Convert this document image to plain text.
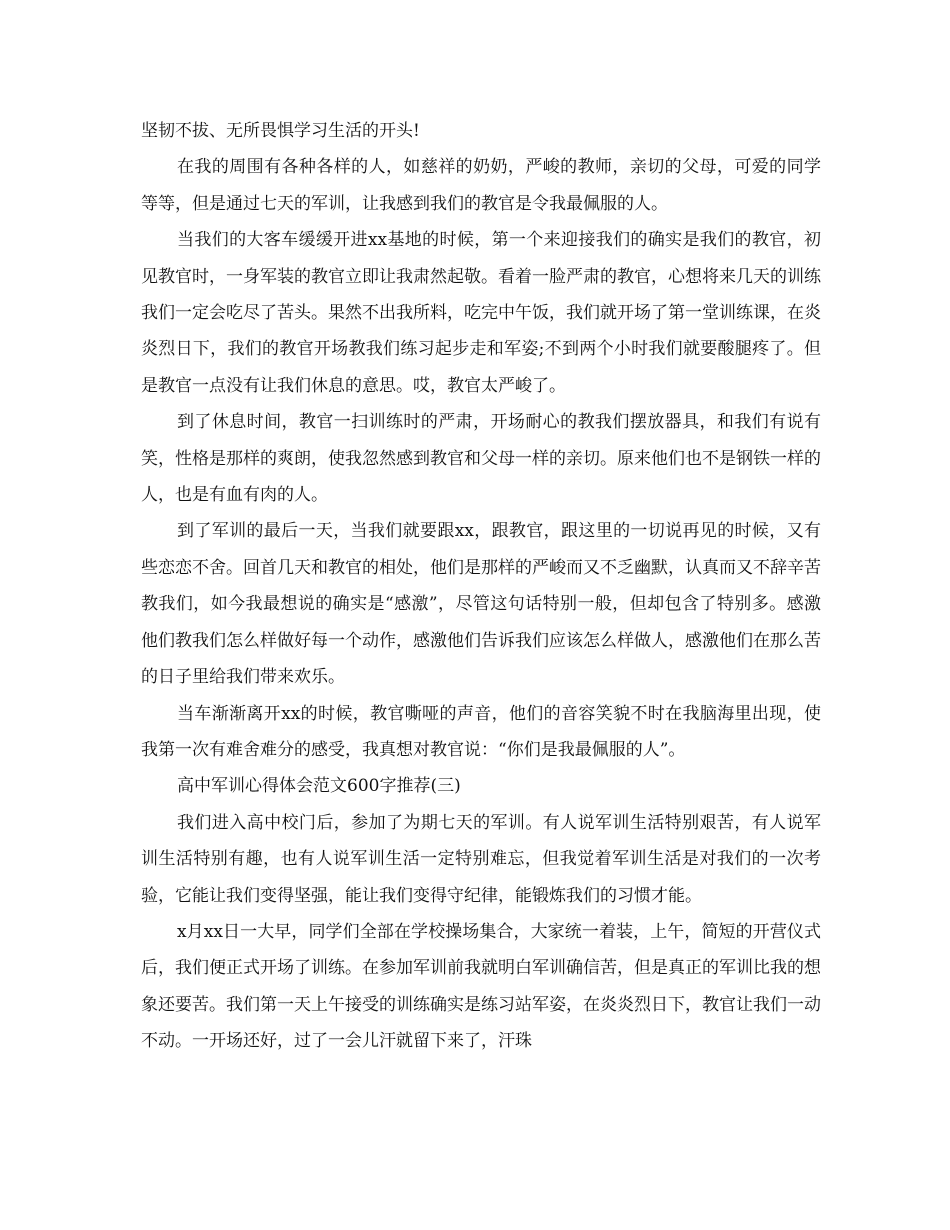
坚韧不拔、无所畏惧学习生活的开头!

在我的周围有各种各样的人，如慈祥的奶奶，严峻的教师，亲切的父母，可爱的同学等等，但是通过七天的军训，让我感到我们的教官是令我最佩服的人。

当我们的大客车缓缓开进xx基地的时候，第一个来迎接我们的确实是我们的教官，初见教官时，一身军装的教官立即让我肃然起敬。看着一脸严肃的教官，心想将来几天的训练我们一定会吃尽了苦头。果然不出我所料，吃完中午饭，我们就开场了第一堂训练课，在炎炎烈日下，我们的教官开场教我们练习起步走和军姿;不到两个小时我们就要酸腿疼了。但是教官一点没有让我们休息的意思。哎，教官太严峻了。

到了休息时间，教官一扫训练时的严肃，开场耐心的教我们摆放器具，和我们有说有笑，性格是那样的爽朗，使我忽然感到教官和父母一样的亲切。原来他们也不是钢铁一样的人，也是有血有肉的人。

到了军训的最后一天，当我们就要跟xx，跟教官，跟这里的一切说再见的时候，又有些恋恋不舍。回首几天和教官的相处，他们是那样的严峻而又不乏幽默，认真而又不辞辛苦教我们，如今我最想说的确实是“感激”，尽管这句话特别一般，但却包含了特别多。感激他们教我们怎么样做好每一个动作，感激他们告诉我们应该怎么样做人，感激他们在那么苦的日子里给我们带来欢乐。

当车渐渐离开xx的时候，教官嘶哑的声音，他们的音容笑貌不时在我脑海里出现，使我第一次有难舍难分的感受，我真想对教官说：“你们是我最佩服的人”。

高中军训心得体会范文600字推荐(三)

我们进入高中校门后，参加了为期七天的军训。有人说军训生活特别艰苦，有人说军训生活特别有趣，也有人说军训生活一定特别难忘，但我觉着军训生活是对我们的一次考验，它能让我们变得坚强，能让我们变得守纪律，能锻炼我们的习惯才能。

x月xx日一大早，同学们全部在学校操场集合，大家统一着装，上午，简短的开营仪式后，我们便正式开场了训练。在参加军训前我就明白军训确信苦，但是真正的军训比我的想象还要苦。我们第一天上午接受的训练确实是练习站军姿，在炎炎烈日下，教官让我们一动不动。一开场还好，过了一会儿汗就留下来了，汗珠
